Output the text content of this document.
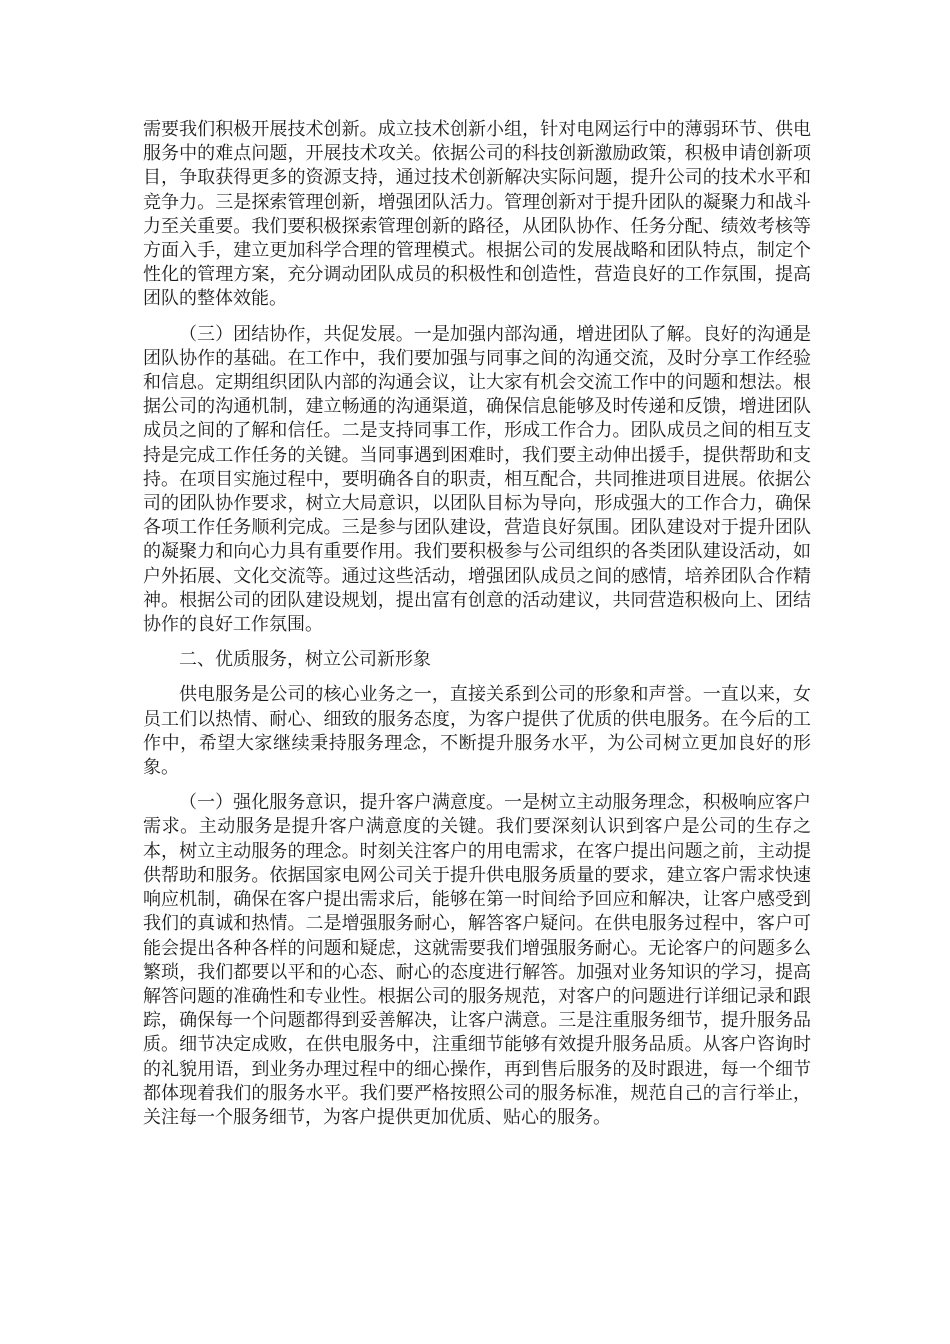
需要我们积极开展技术创新。成立技术创新小组，针对电网运行中的薄弱环节、供电服务中的难点问题，开展技术攻关。依据公司的科技创新激励政策，积极申请创新项目，争取获得更多的资源支持，通过技术创新解决实际问题，提升公司的技术水平和竞争力。三是探索管理创新，增强团队活力。管理创新对于提升团队的凝聚力和战斗力至关重要。我们要积极探索管理创新的路径，从团队协作、任务分配、绩效考核等方面入手，建立更加科学合理的管理模式。根据公司的发展战略和团队特点，制定个性化的管理方案，充分调动团队成员的积极性和创造性，营造良好的工作氛围，提高团队的整体效能。

（三）团结协作，共促发展。一是加强内部沟通，增进团队了解。良好的沟通是团队协作的基础。在工作中，我们要加强与同事之间的沟通交流，及时分享工作经验和信息。定期组织团队内部的沟通会议，让大家有机会交流工作中的问题和想法。根据公司的沟通机制，建立畅通的沟通渠道，确保信息能够及时传递和反馈，增进团队成员之间的了解和信任。二是支持同事工作，形成工作合力。团队成员之间的相互支持是完成工作任务的关键。当同事遇到困难时，我们要主动伸出援手，提供帮助和支持。在项目实施过程中，要明确各自的职责，相互配合，共同推进项目进展。依据公司的团队协作要求，树立大局意识，以团队目标为导向，形成强大的工作合力，确保各项工作任务顺利完成。三是参与团队建设，营造良好氛围。团队建设对于提升团队的凝聚力和向心力具有重要作用。我们要积极参与公司组织的各类团队建设活动，如户外拓展、文化交流等。通过这些活动，增强团队成员之间的感情，培养团队合作精神。根据公司的团队建设规划，提出富有创意的活动建议，共同营造积极向上、团结协作的良好工作氛围。

二、优质服务，树立公司新形象

供电服务是公司的核心业务之一，直接关系到公司的形象和声誉。一直以来，女员工们以热情、耐心、细致的服务态度，为客户提供了优质的供电服务。在今后的工作中，希望大家继续秉持服务理念，不断提升服务水平，为公司树立更加良好的形象。

（一）强化服务意识，提升客户满意度。一是树立主动服务理念，积极响应客户需求。主动服务是提升客户满意度的关键。我们要深刻认识到客户是公司的生存之本，树立主动服务的理念。时刻关注客户的用电需求，在客户提出问题之前，主动提供帮助和服务。依据国家电网公司关于提升供电服务质量的要求，建立客户需求快速响应机制，确保在客户提出需求后，能够在第一时间给予回应和解决，让客户感受到我们的真诚和热情。二是增强服务耐心，解答客户疑问。在供电服务过程中，客户可能会提出各种各样的问题和疑虑，这就需要我们增强服务耐心。无论客户的问题多么繁琐，我们都要以平和的心态、耐心的态度进行解答。加强对业务知识的学习，提高解答问题的准确性和专业性。根据公司的服务规范，对客户的问题进行详细记录和跟踪，确保每一个问题都得到妥善解决，让客户满意。三是注重服务细节，提升服务品质。细节决定成败，在供电服务中，注重细节能够有效提升服务品质。从客户咨询时的礼貌用语，到业务办理过程中的细心操作，再到售后服务的及时跟进，每一个细节都体现着我们的服务水平。我们要严格按照公司的服务标准，规范自己的言行举止，关注每一个服务细节，为客户提供更加优质、贴心的服务。
